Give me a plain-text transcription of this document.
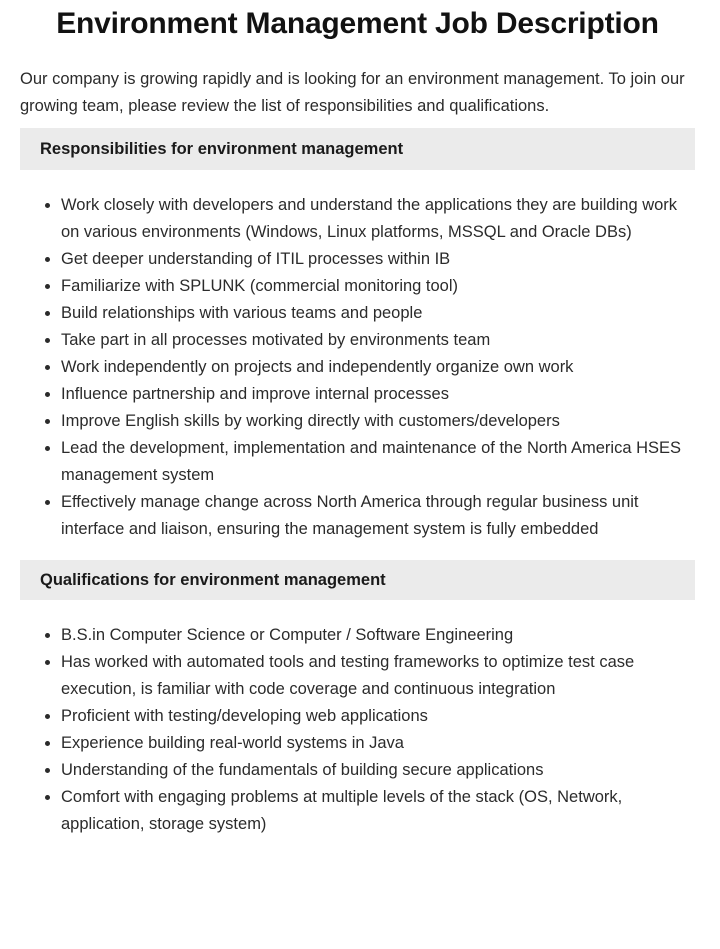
Environment Management Job Description

Our company is growing rapidly and is looking for an environment management. To join our growing team, please review the list of responsibilities and qualifications.

Responsibilities for environment management
• Work closely with developers and understand the applications they are building work on various environments (Windows, Linux platforms, MSSQL and Oracle DBs)
• Get deeper understanding of ITIL processes within IB
• Familiarize with SPLUNK (commercial monitoring tool)
• Build relationships with various teams and people
• Take part in all processes motivated by environments team
• Work independently on projects and independently organize own work
• Influence partnership and improve internal processes
• Improve English skills by working directly with customers/developers
• Lead the development, implementation and maintenance of the North America HSES management system
• Effectively manage change across North America through regular business unit interface and liaison, ensuring the management system is fully embedded
Qualifications for environment management
• B.S.in Computer Science or Computer / Software Engineering
• Has worked with automated tools and testing frameworks to optimize test case execution, is familiar with code coverage and continuous integration
• Proficient with testing/developing web applications
• Experience building real-world systems in Java
• Understanding of the fundamentals of building secure applications
• Comfort with engaging problems at multiple levels of the stack (OS, Network, application, storage system)
